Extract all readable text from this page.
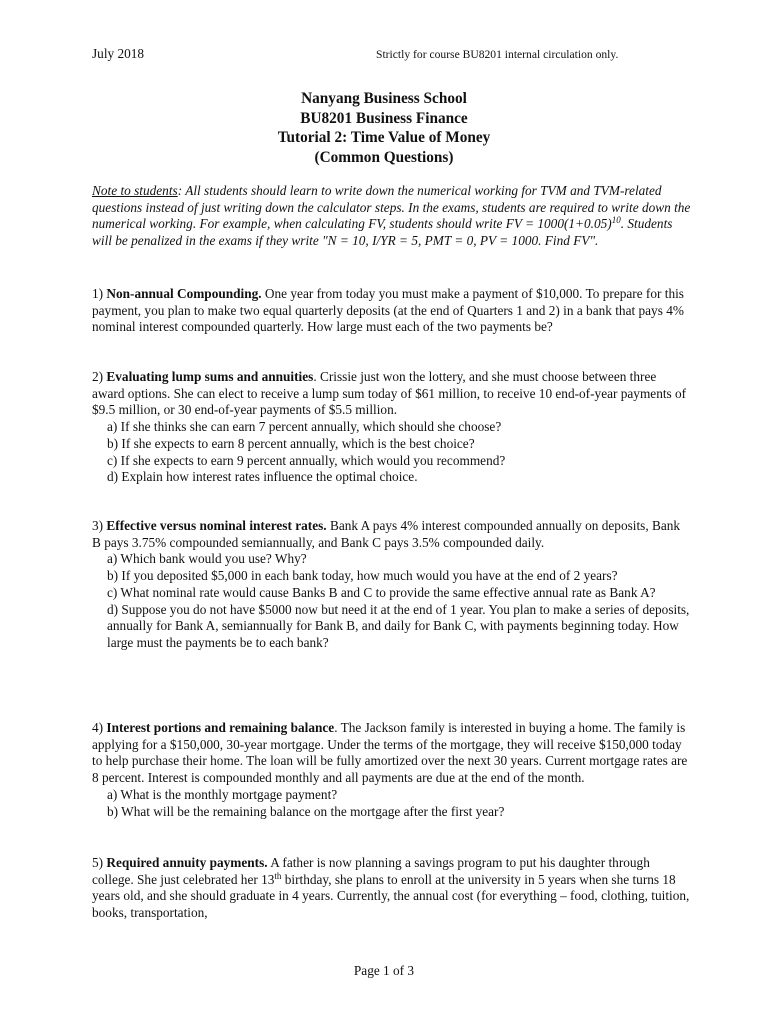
July 2018	Strictly for course BU8201 internal circulation only.
Nanyang Business School
BU8201 Business Finance
Tutorial 2: Time Value of Money
(Common Questions)
Note to students: All students should learn to write down the numerical working for TVM and TVM-related questions instead of just writing down the calculator steps. In the exams, students are required to write down the numerical working. For example, when calculating FV, students should write FV = $1000(1+0.05)^{10}$. Students will be penalized in the exams if they write "N = 10, I/YR = 5, PMT = 0, PV = 1000. Find FV".

1) Non-annual Compounding. One year from today you must make a payment of $10,000. To prepare for this payment, you plan to make two equal quarterly deposits (at the end of Quarters 1 and 2) in a bank that pays 4% nominal interest compounded quarterly. How large must each of the two payments be?

2) Evaluating lump sums and annuities. Crissie just won the lottery, and she must choose between three award options. She can elect to receive a lump sum today of $61 million, to receive 10 end-of-year payments of $9.5 million, or 30 end-of-year payments of $5.5 million.

a) If she thinks she can earn 7 percent annually, which should she choose?

b) If she expects to earn 8 percent annually, which is the best choice?

c) If she expects to earn 9 percent annually, which would you recommend?

d) Explain how interest rates influence the optimal choice.

3) Effective versus nominal interest rates. Bank A pays 4% interest compounded annually on deposits, Bank B pays 3.75% compounded semiannually, and Bank C pays 3.5% compounded daily.

a) Which bank would you use? Why?

b) If you deposited $5,000 in each bank today, how much would you have at the end of 2 years?

c) What nominal rate would cause Banks B and C to provide the same effective annual rate as Bank A?

d) Suppose you do not have $5000 now but need it at the end of 1 year. You plan to make a series of deposits, annually for Bank A, semiannually for Bank B, and daily for Bank C, with payments beginning today. How large must the payments be to each bank?

4) Interest portions and remaining balance. The Jackson family is interested in buying a home. The family is applying for a $150,000, 30-year mortgage. Under the terms of the mortgage, they will receive $150,000 today to help purchase their home. The loan will be fully amortized over the next 30 years. Current mortgage rates are 8 percent. Interest is compounded monthly and all payments are due at the end of the month.

a) What is the monthly mortgage payment?

b) What will be the remaining balance on the mortgage after the first year?

5) Required annuity payments. A father is now planning a savings program to put his daughter through college. She just celebrated her 13th birthday, she plans to enroll at the university in 5 years when she turns 18 years old, and she should graduate in 4 years. Currently, the annual cost (for everything – food, clothing, tuition, books, transportation,

Page 1 of 3
